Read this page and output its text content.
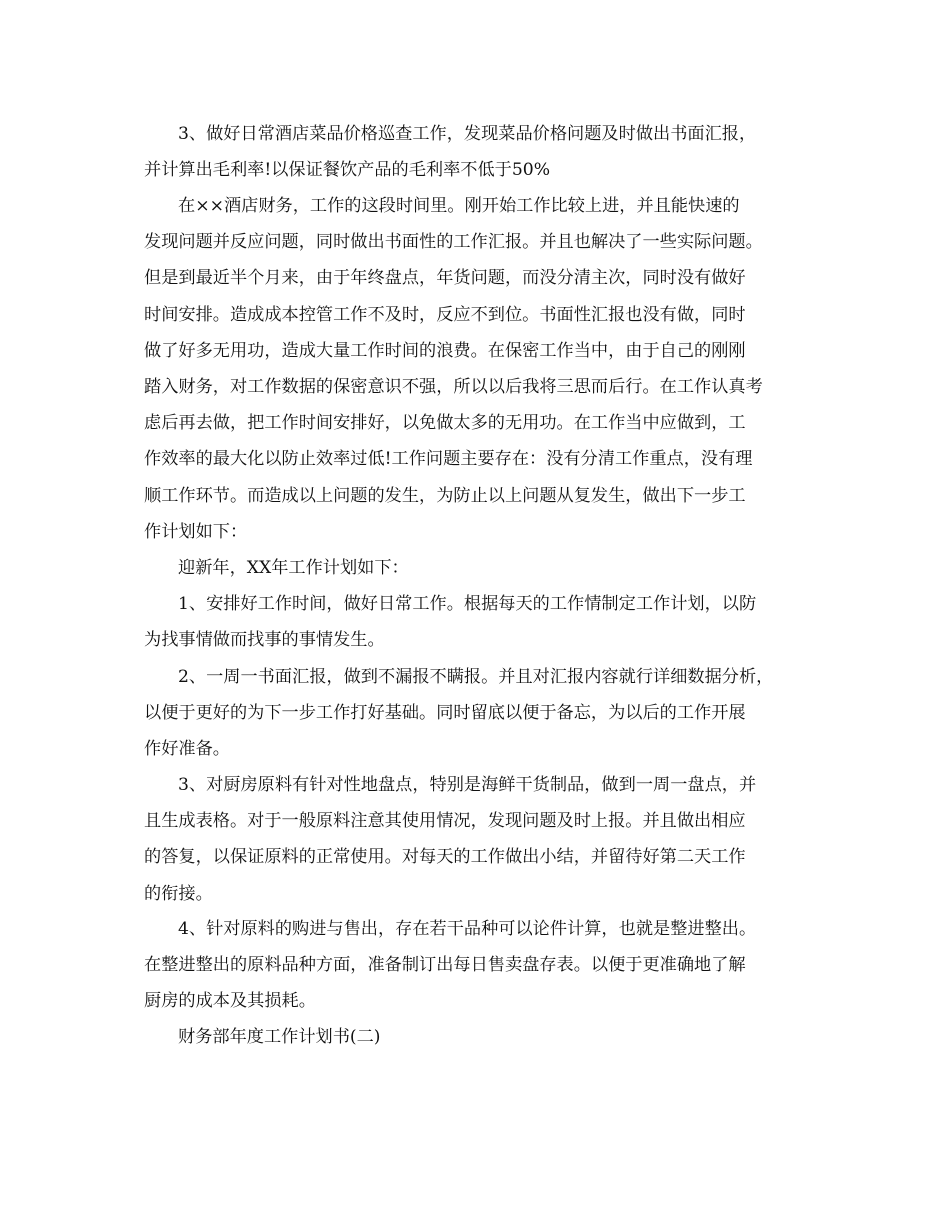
3、做好日常酒店菜品价格巡查工作，发现菜品价格问题及时做出书面汇报，
并计算出毛利率!以保证餐饮产品的毛利率不低于50%

在××酒店财务，工作的这段时间里。刚开始工作比较上进，并且能快速的
发现问题并反应问题，同时做出书面性的工作汇报。并且也解决了一些实际问题。
但是到最近半个月来，由于年终盘点，年货问题，而没分清主次，同时没有做好
时间安排。造成成本控管工作不及时，反应不到位。书面性汇报也没有做，同时
做了好多无用功，造成大量工作时间的浪费。在保密工作当中，由于自己的刚刚
踏入财务，对工作数据的保密意识不强，所以以后我将三思而后行。在工作认真考
虑后再去做，把工作时间安排好，以免做太多的无用功。在工作当中应做到，工
作效率的最大化以防止效率过低!工作问题主要存在：没有分清工作重点，没有理
顺工作环节。而造成以上问题的发生，为防止以上问题从复发生，做出下一步工
作计划如下：

迎新年，XX年工作计划如下：

1、安排好工作时间，做好日常工作。根据每天的工作情制定工作计划，以防
为找事情做而找事的事情发生。

2、一周一书面汇报，做到不漏报不瞒报。并且对汇报内容就行详细数据分析，
以便于更好的为下一步工作打好基础。同时留底以便于备忘，为以后的工作开展
作好准备。

3、对厨房原料有针对性地盘点，特别是海鲜干货制品，做到一周一盘点，并
且生成表格。对于一般原料注意其使用情况，发现问题及时上报。并且做出相应
的答复，以保证原料的正常使用。对每天的工作做出小结，并留待好第二天工作
的衔接。

4、针对原料的购进与售出，存在若干品种可以论件计算，也就是整进整出。
在整进整出的原料品种方面，准备制订出每日售卖盘存表。以便于更准确地了解
厨房的成本及其损耗。

财务部年度工作计划书(二)
